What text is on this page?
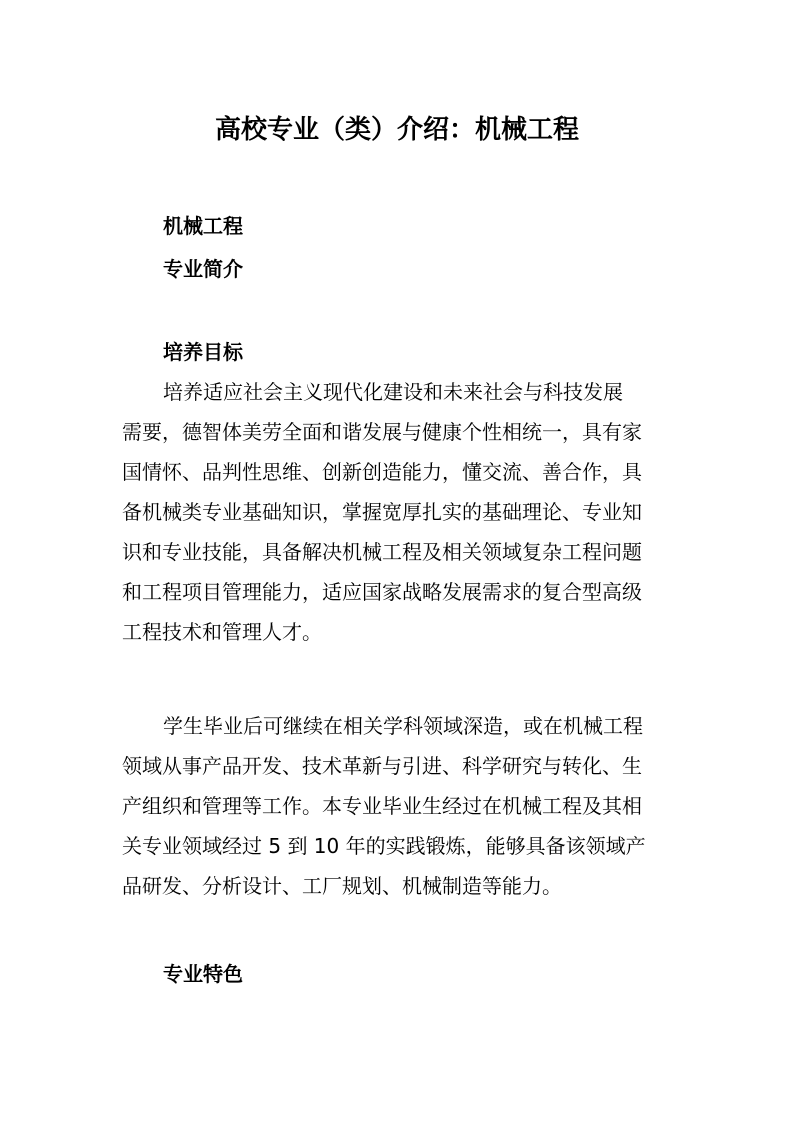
高校专业（类）介绍：机械工程
机械工程
专业简介
培养目标

培养适应社会主义现代化建设和未来社会与科技发展
需要，德智体美劳全面和谐发展与健康个性相统一，具有家
国情怀、品判性思维、创新创造能力，懂交流、善合作，具
备机械类专业基础知识，掌握宽厚扎实的基础理论、专业知
识和专业技能，具备解决机械工程及相关领域复杂工程问题
和工程项目管理能力，适应国家战略发展需求的复合型高级
工程技术和管理人才。

学生毕业后可继续在相关学科领域深造，或在机械工程
领域从事产品开发、技术革新与引进、科学研究与转化、生
产组织和管理等工作。本专业毕业生经过在机械工程及其相
关专业领域经过 5 到 10 年的实践锻炼，能够具备该领域产
品研发、分析设计、工厂规划、机械制造等能力。

专业特色
